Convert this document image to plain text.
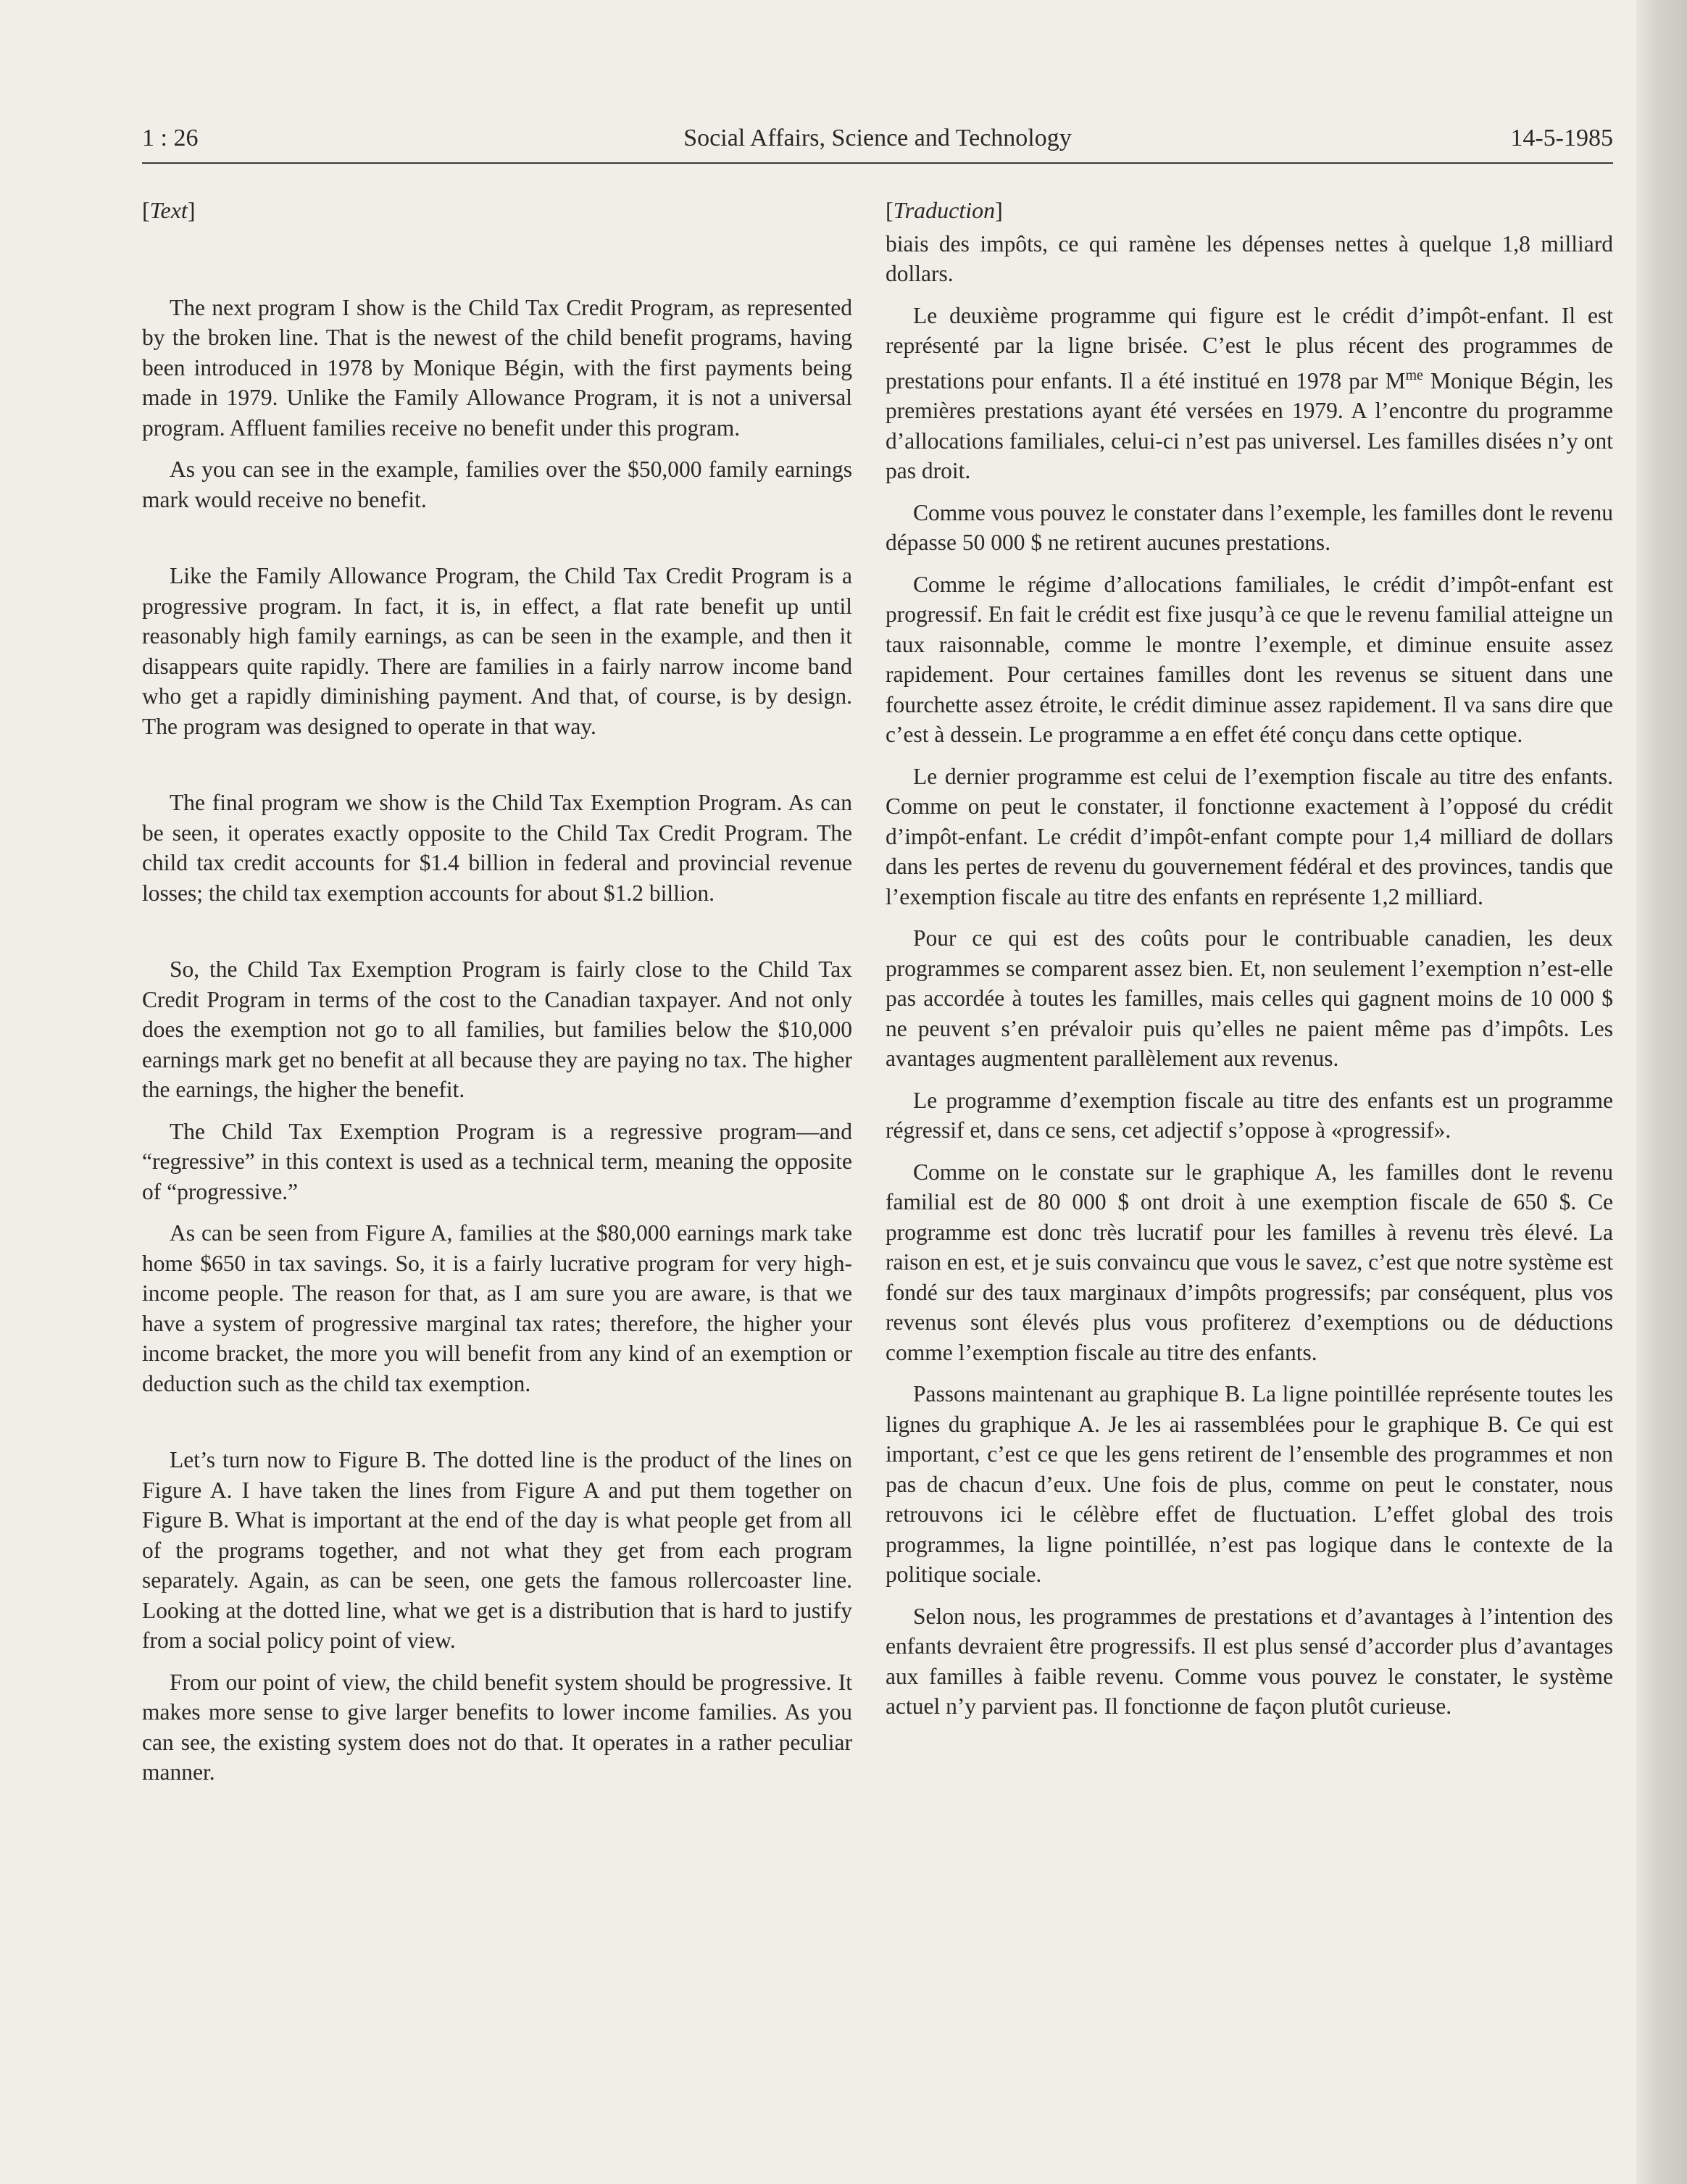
1 : 26	Social Affairs, Science and Technology	14-5-1985

[Text]

The next program I show is the Child Tax Credit Program, as represented by the broken line. That is the newest of the child benefit programs, having been introduced in 1978 by Monique Bégin, with the first payments being made in 1979. Unlike the Family Allowance Program, it is not a universal program. Affluent families receive no benefit under this program.

As you can see in the example, families over the $50,000 family earnings mark would receive no benefit.

Like the Family Allowance Program, the Child Tax Credit Program is a progressive program. In fact, it is, in effect, a flat rate benefit up until reasonably high family earnings, as can be seen in the example, and then it disappears quite rapidly. There are families in a fairly narrow income band who get a rapidly diminishing payment. And that, of course, is by design. The program was designed to operate in that way.

The final program we show is the Child Tax Exemption Program. As can be seen, it operates exactly opposite to the Child Tax Credit Program. The child tax credit accounts for $1.4 billion in federal and provincial revenue losses; the child tax exemption accounts for about $1.2 billion.

So, the Child Tax Exemption Program is fairly close to the Child Tax Credit Program in terms of the cost to the Canadian taxpayer. And not only does the exemption not go to all families, but families below the $10,000 earnings mark get no benefit at all because they are paying no tax. The higher the earnings, the higher the benefit.

The Child Tax Exemption Program is a regressive program—and “regressive” in this context is used as a technical term, meaning the opposite of “progressive.”

As can be seen from Figure A, families at the $80,000 earnings mark take home $650 in tax savings. So, it is a fairly lucrative program for very high-income people. The reason for that, as I am sure you are aware, is that we have a system of progressive marginal tax rates; therefore, the higher your income bracket, the more you will benefit from any kind of an exemption or deduction such as the child tax exemption.

Let’s turn now to Figure B. The dotted line is the product of the lines on Figure A. I have taken the lines from Figure A and put them together on Figure B. What is important at the end of the day is what people get from all of the programs together, and not what they get from each program separately. Again, as can be seen, one gets the famous rollercoaster line. Looking at the dotted line, what we get is a distribution that is hard to justify from a social policy point of view.

From our point of view, the child benefit system should be progressive. It makes more sense to give larger benefits to lower income families. As you can see, the existing system does not do that. It operates in a rather peculiar manner.

[Traduction]

biais des impôts, ce qui ramène les dépenses nettes à quelque 1,8 milliard dollars.

Le deuxième programme qui figure est le crédit d’impôt-enfant. Il est représenté par la ligne brisée. C’est le plus récent des programmes de prestations pour enfants. Il a été institué en 1978 par $M^{me}$ Monique Bégin, les premières prestations ayant été versées en 1979. A l’encontre du programme d’allocations familiales, celui-ci n’est pas universel. Les familles disées n’y ont pas droit.

Comme vous pouvez le constater dans l’exemple, les familles dont le revenu dépasse 50 000 $ ne retirent aucunes prestations.

Comme le régime d’allocations familiales, le crédit d’impôt-enfant est progressif. En fait le crédit est fixe jusqu’à ce que le revenu familial atteigne un taux raisonnable, comme le montre l’exemple, et diminue ensuite assez rapidement. Pour certaines familles dont les revenus se situent dans une fourchette assez étroite, le crédit diminue assez rapidement. Il va sans dire que c’est à dessein. Le programme a en effet été conçu dans cette optique.

Le dernier programme est celui de l’exemption fiscale au titre des enfants. Comme on peut le constater, il fonctionne exactement à l’opposé du crédit d’impôt-enfant. Le crédit d’impôt-enfant compte pour 1,4 milliard de dollars dans les pertes de revenu du gouvernement fédéral et des provinces, tandis que l’exemption fiscale au titre des enfants en représente 1,2 milliard.

Pour ce qui est des coûts pour le contribuable canadien, les deux programmes se comparent assez bien. Et, non seulement l’exemption n’est-elle pas accordée à toutes les familles, mais celles qui gagnent moins de 10 000 $ ne peuvent s’en prévaloir puis qu’elles ne paient même pas d’impôts. Les avantages augmentent parallèlement aux revenus.

Le programme d’exemption fiscale au titre des enfants est un programme régressif et, dans ce sens, cet adjectif s’oppose à «progressif».

Comme on le constate sur le graphique A, les familles dont le revenu familial est de 80 000 $ ont droit à une exemption fiscale de 650 $. Ce programme est donc très lucratif pour les familles à revenu très élevé. La raison en est, et je suis convaincu que vous le savez, c’est que notre système est fondé sur des taux marginaux d’impôts progressifs; par conséquent, plus vos revenus sont élevés plus vous profiterez d’exemptions ou de déductions comme l’exemption fiscale au titre des enfants.

Passons maintenant au graphique B. La ligne pointillée représente toutes les lignes du graphique A. Je les ai rassemblées pour le graphique B. Ce qui est important, c’est ce que les gens retirent de l’ensemble des programmes et non pas de chacun d’eux. Une fois de plus, comme on peut le constater, nous retrouvons ici le célèbre effet de fluctuation. L’effet global des trois programmes, la ligne pointillée, n’est pas logique dans le contexte de la politique sociale.

Selon nous, les programmes de prestations et d’avantages à l’intention des enfants devraient être progressifs. Il est plus sensé d’accorder plus d’avantages aux familles à faible revenu. Comme vous pouvez le constater, le système actuel n’y parvient pas. Il fonctionne de façon plutôt curieuse.
